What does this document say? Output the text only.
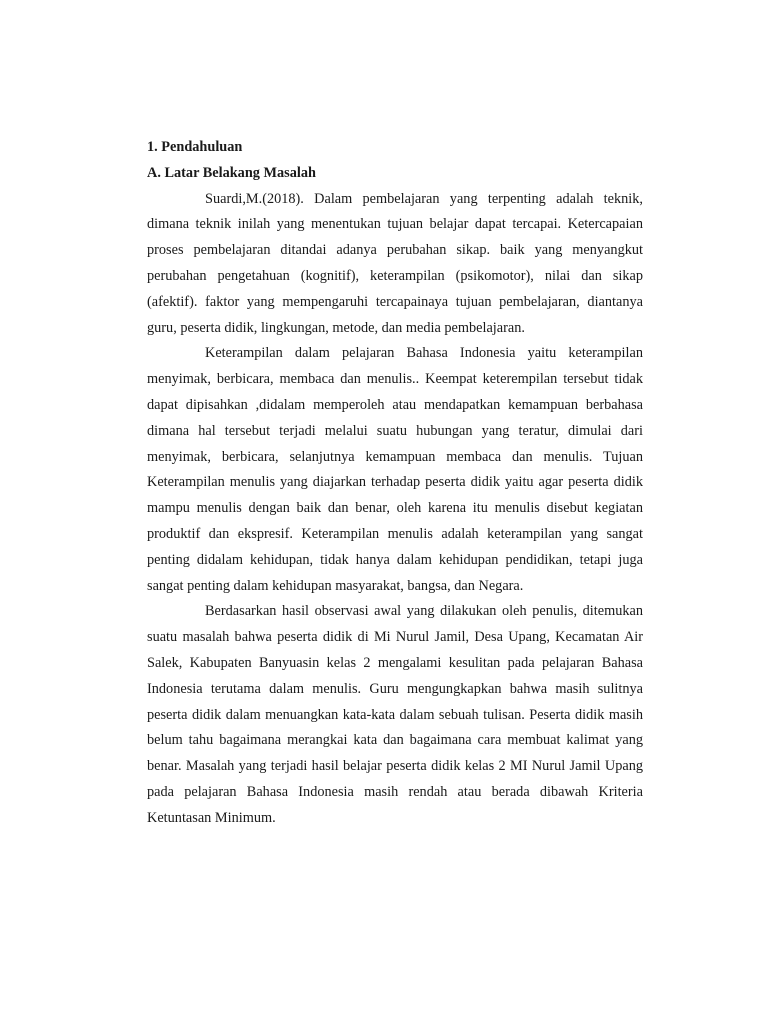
1. Pendahuluan

A. Latar Belakang Masalah

Suardi,M.(2018). Dalam pembelajaran yang terpenting adalah teknik, dimana teknik inilah yang menentukan tujuan belajar dapat tercapai. Ketercapaian proses pembelajaran ditandai adanya perubahan sikap. baik yang menyangkut perubahan pengetahuan (kognitif), keterampilan (psikomotor), nilai dan sikap (afektif). faktor yang mempengaruhi tercapainaya tujuan pembelajaran, diantanya guru, peserta didik, lingkungan, metode, dan media pembelajaran.

Keterampilan dalam pelajaran Bahasa Indonesia yaitu keterampilan menyimak, berbicara, membaca dan menulis.. Keempat keterempilan tersebut tidak dapat dipisahkan ,didalam memperoleh atau mendapatkan kemampuan berbahasa dimana hal tersebut terjadi melalui suatu hubungan yang teratur, dimulai dari menyimak, berbicara, selanjutnya kemampuan membaca dan menulis. Tujuan Keterampilan menulis yang diajarkan terhadap peserta didik yaitu agar peserta didik mampu menulis dengan baik dan benar, oleh karena itu menulis disebut kegiatan produktif dan ekspresif. Keterampilan menulis adalah keterampilan yang sangat penting didalam kehidupan, tidak hanya dalam kehidupan pendidikan, tetapi juga sangat penting dalam kehidupan masyarakat, bangsa, dan Negara.

Berdasarkan hasil observasi awal yang dilakukan oleh penulis, ditemukan suatu masalah bahwa peserta didik di Mi Nurul Jamil, Desa Upang, Kecamatan Air Salek, Kabupaten Banyuasin kelas 2 mengalami kesulitan pada pelajaran Bahasa Indonesia terutama dalam menulis. Guru mengungkapkan bahwa masih sulitnya peserta didik dalam menuangkan kata-kata dalam sebuah tulisan. Peserta didik masih belum tahu bagaimana merangkai kata dan bagaimana cara membuat kalimat yang benar. Masalah yang terjadi hasil belajar peserta didik kelas 2 MI Nurul Jamil Upang pada pelajaran Bahasa Indonesia masih rendah atau berada dibawah Kriteria Ketuntasan Minimum.
